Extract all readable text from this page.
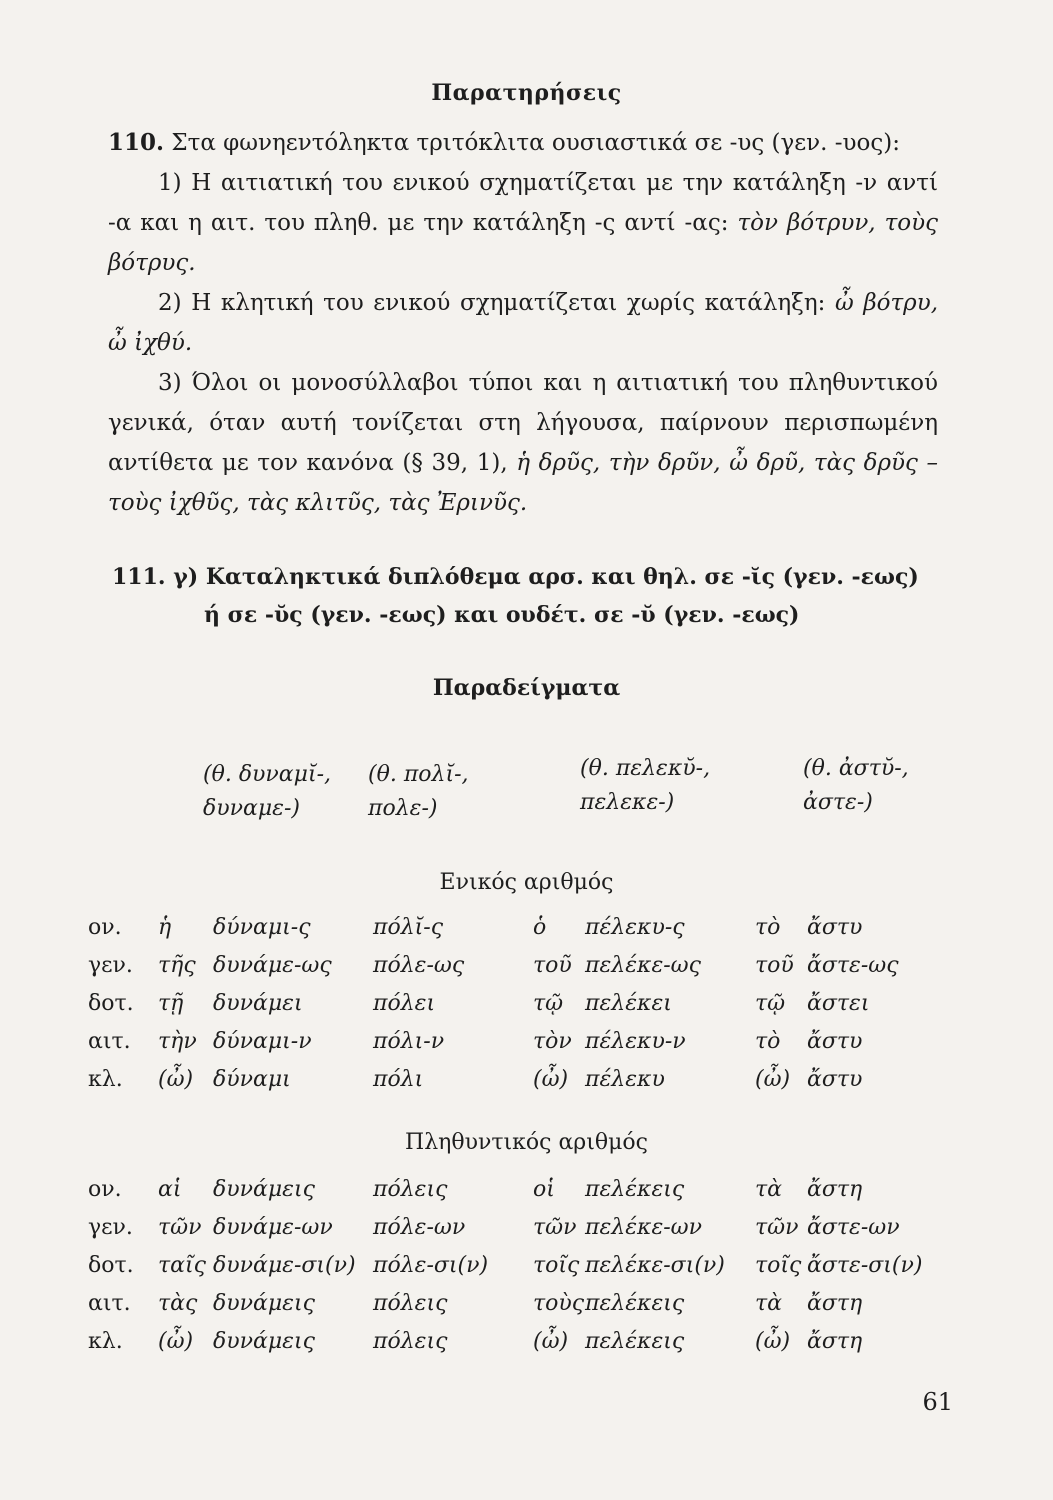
Παρατηρήσεις

110. Στα φωνηεντόληκτα τριτόκλιτα ουσιαστικά σε -υς (γεν. -υος):

1) Η αιτιατική του ενικού σχηματίζεται με την κατάληξη -ν αντί -α και η αιτ. του πληθ. με την κατάληξη -ς αντί -ας: τὸν βότρυν, τοὺς βότρυς.

2) Η κλητική του ενικού σχηματίζεται χωρίς κατάληξη: ὦ βότρυ, ὦ ἰχθύ.

3) Όλοι οι μονοσύλλαβοι τύποι και η αιτιατική του πληθυντικού γενικά, όταν αυτή τονίζεται στη λήγουσα, παίρνουν περισπωμένη αντίθετα με τον κανόνα (§ 39, 1), ἡ δρῦς, τὴν δρῦν, ὦ δρῦ, τὰς δρῦς – τοὺς ἰχθῦς, τὰς κλιτῦς, τὰς Ἐρινῦς.

111. γ) Καταληκτικά διπλόθεμα αρσ. και θηλ. σε -ῐς (γεν. -εως)
ή σε -ῠς (γεν. -εως) και ουδέτ. σε -ῠ (γεν. -εως)
Παραδείγματα
(θ. δυναμῐ-,
δυναμε-)
(θ. πολῐ-,
πολε-)
(θ. πελεκῠ-,
πελεκε-)
(θ. ἀστῠ-,
ἀστε-)
Ενικός αριθμός
ον.	ἡ	δύναμι-ς	πόλῐ-ς	ὁ	πέλεκυ-ς	τὸ	ἄστυ
γεν.	τῆς	δυνάμε-ως	πόλε-ως	τοῦ	πελέκε-ως	τοῦ	ἄστε-ως
δοτ.	τῇ	δυνάμει	πόλει	τῷ	πελέκει	τῷ	ἄστει
αιτ.	τὴν	δύναμι-ν	πόλι-ν	τὸν	πέλεκυ-ν	τὸ	ἄστυ
κλ.	(ὦ)	δύναμι	πόλι	(ὦ)	πέλεκυ	(ὦ)	ἄστυ
Πληθυντικός αριθμός
ον.	αἱ	δυνάμεις	πόλεις	οἱ	πελέκεις	τὰ	ἄστη
γεν.	τῶν	δυνάμε-ων	πόλε-ων	τῶν	πελέκε-ων	τῶν	ἄστε-ων
δοτ.	ταῖς	δυνάμε-σι(ν)	πόλε-σι(ν)	τοῖς	πελέκε-σι(ν)	τοῖς	ἄστε-σι(ν)
αιτ.	τὰς	δυνάμεις	πόλεις	τοὺς	πελέκεις	τὰ	ἄστη
κλ.	(ὦ)	δυνάμεις	πόλεις	(ὦ)	πελέκεις	(ὦ)	ἄστη
61
